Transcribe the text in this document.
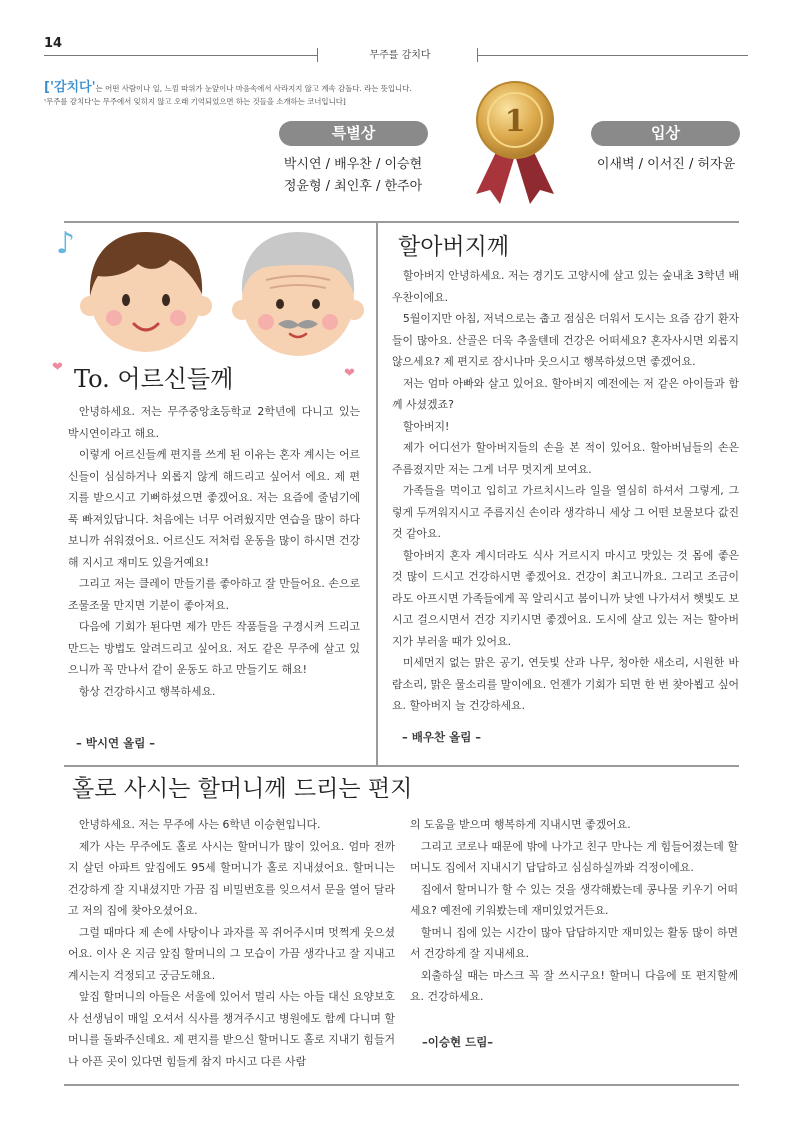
14
무주를 감치다
['감치다'는 어떤 사람이나 일, 느낌 따위가 눈앞이나 마음속에서 사라지지 않고 계속 감돌다. 라는 뜻입니다.
'무주를 감치다'는 무주에서 잊히지 않고 오래 기억되었으면 하는 것들을 소개하는 코너입니다]
특별상
박시연 / 배우찬 / 이승현
정윤형 / 최인후 / 한주아
1	입상
이새벽 / 이서진 / 허자윤
♪
❤	❤
To. 어르신들께

안녕하세요. 저는 무주중앙초등학교 2학년에 다니고 있는 박시연이라고 해요.

이렇게 어르신들께 편지를 쓰게 된 이유는 혼자 계시는 어르신들이 심심하거나 외롭지 않게 해드리고 싶어서 에요. 제 편지를 받으시고 기뻐하셨으면 좋겠어요. 저는 요즘에 줄넘기에 푹 빠져있답니다. 처음에는 너무 어려웠지만 연습을 많이 하다보니까 쉬워졌어요. 어르신도 저처럼 운동을 많이 하시면 건강해 지시고 재미도 있을거예요!

그리고 저는 클레이 만들기를 좋아하고 잘 만들어요. 손으로 조물조물 만지면 기분이 좋아져요.

다음에 기회가 된다면 제가 만든 작품들을 구경시켜 드리고 만드는 방법도 알려드리고 싶어요. 저도 같은 무주에 살고 있으니까 꼭 만나서 같이 운동도 하고 만들기도 해요!

항상 건강하시고 행복하세요.

– 박시연 올림 –
할아버지께

할아버지 안녕하세요. 저는 경기도 고양시에 살고 있는 숲내초 3학년 배우찬이에요.

5월이지만 아침, 저녁으로는 춥고 점심은 더워서 도시는 요즘 감기 환자들이 많아요. 산골은 더욱 추울텐데 건강은 어떠세요? 혼자사시면 외롭지 않으세요? 제 편지로 잠시나마 웃으시고 행복하셨으면 좋겠어요.

저는 엄마 아빠와 살고 있어요. 할아버지 예전에는 저 같은 아이들과 함께 사셨겠죠?

할아버지!

제가 어디선가 할아버지들의 손을 본 적이 있어요. 할아버님들의 손은 주름졌지만 저는 그게 너무 멋지게 보여요.

가족들을 먹이고 입히고 가르치시느라 일을 열심히 하셔서 그렇게, 그렇게 두꺼워지시고 주름지신 손이라 생각하니 세상 그 어떤 보물보다 값진 것 같아요.

할아버지 혼자 계시더라도 식사 거르시지 마시고 맛있는 것 몸에 좋은 것 많이 드시고 건강하시면 좋겠어요. 건강이 최고니까요. 그리고 조금이라도 아프시면 가족들에게 꼭 알리시고 봄이니까 낮엔 나가셔서 햇빛도 보시고 걸으시면서 건강 지키시면 좋겠어요. 도시에 살고 있는 저는 할아버지가 부러울 때가 있어요.

미세먼지 없는 맑은 공기, 연둣빛 산과 나무, 청아한 새소리, 시원한 바람소리, 맑은 물소리를 말이에요. 언젠가 기회가 되면 한 번 찾아뵙고 싶어요. 할아버지 늘 건강하세요.

– 배우찬 올림 –
홀로 사시는 할머니께 드리는 편지

안녕하세요. 저는 무주에 사는 6학년 이승현입니다.

제가 사는 무주에도 홀로 사시는 할머니가 많이 있어요. 엄마 전까지 살던 아파트 앞집에도 95세 할머니가 홀로 지내셨어요. 할머니는 건강하게 잘 지내셨지만 가끔 집 비밀번호를 잊으셔서 문을 열어 달라고 저의 집에 찾아오셨어요.

그럴 때마다 제 손에 사탕이나 과자를 꼭 쥐어주시며 멋쩍게 웃으셨어요. 이사 온 지금 앞집 할머니의 그 모습이 가끔 생각나고 잘 지내고 계시는지 걱정되고 궁금도해요.

앞집 할머니의 아들은 서울에 있어서 멀리 사는 아들 대신 요양보호사 선생님이 매일 오셔서 식사를 챙겨주시고 병원에도 함께 다니며 할머니를 돌봐주신데요. 제 편지를 받으신 할머니도 홀로 지내기 힘들거나 아픈 곳이 있다면 힘들게 참지 마시고 다른 사람

의 도움을 받으며 행복하게 지내시면 좋겠어요.

그리고 코로나 때문에 밖에 나가고 친구 만나는 게 힘들어졌는데 할머니도 집에서 지내시기 답답하고 심심하실까봐 걱정이에요.

집에서 할머니가 할 수 있는 것을 생각해봤는데 콩나물 키우기 어떠세요? 예전에 키워봤는데 재미있었거든요.

할머니 집에 있는 시간이 많아 답답하지만 재미있는 활동 많이 하면서 건강하게 잘 지내세요.

외출하실 때는 마스크 꼭 잘 쓰시구요! 할머니 다음에 또 편지할께요. 건강하세요.

–이승현 드림–
